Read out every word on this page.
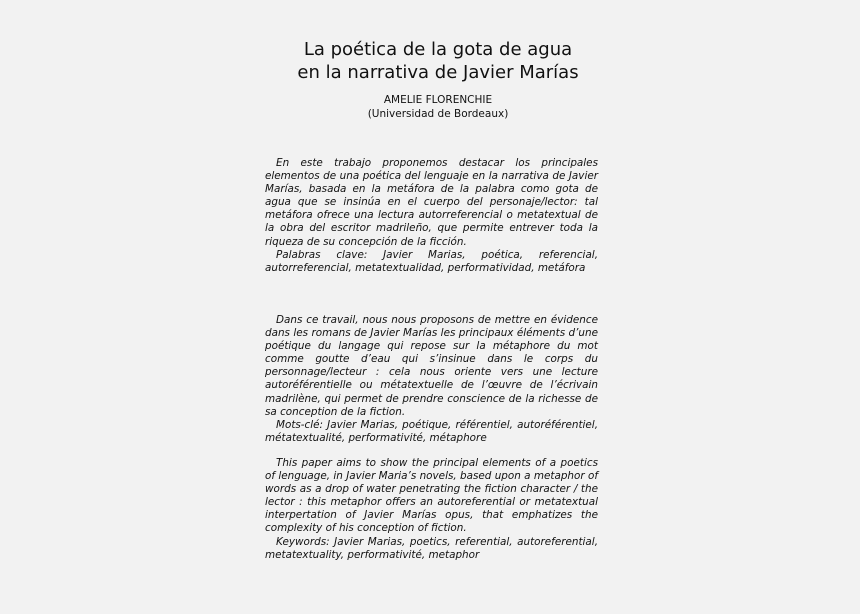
La poética de la gota de agua
en la narrativa de Javier Marías
AMELIE FLORENCHIE
(Universidad de Bordeaux)

En este trabajo proponemos destacar los principales elementos de una poética del lenguaje en la narrativa de Javier Marías, basada en la metáfora de la palabra como gota de agua que se insinúa en el cuerpo del personaje/lector: tal metáfora ofrece una lectura autorreferencial o metatextual de la obra del escritor madrileño, que permite entrever toda la riqueza de su concepción de la ficción.

Palabras clave: Javier Marias, poética, referencial, autorreferencial, metatextualidad, performatividad, metáfora

Dans ce travail, nous nous proposons de mettre en évidence dans les romans de Javier Marías les principaux éléments d’une poétique du langage qui repose sur la métaphore du mot comme goutte d’eau qui s’insinue dans le corps du personnage/lecteur : cela nous oriente vers une lecture autoréférentielle ou métatextuelle de l’œuvre de l’écrivain madrilène, qui permet de prendre conscience de la richesse de sa conception de la fiction.

Mots-clé: Javier Marias, poétique, référentiel, autoréférentiel, métatextualité, performativité, métaphore

This paper aims to show the principal elements of a poetics of lenguage, in Javier Maria’s novels, based upon a metaphor of words as a drop of water penetrating the fiction character / the lector : this metaphor offers an autoreferential or metatextual interpertation of Javier Marías opus, that emphatizes the complexity of his conception of fiction.

Keywords: Javier Marias, poetics, referential, autoreferential, metatextuality, performativité, metaphor
